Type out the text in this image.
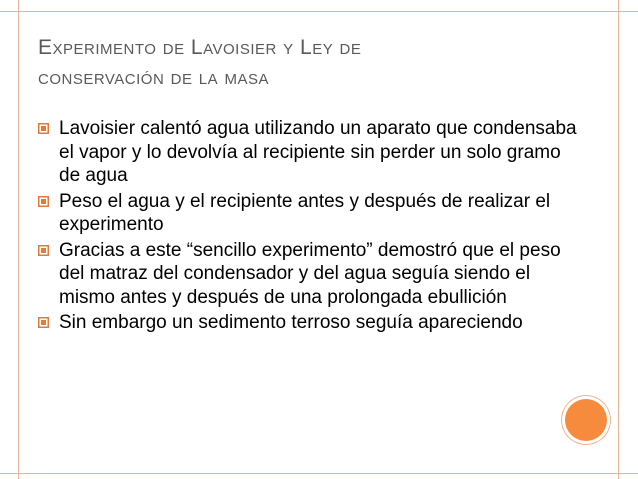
Experimento de Lavoisier y Ley de
conservación de la masa
Lavoisier calentó agua utilizando un aparato que condensaba el vapor y lo devolvía al recipiente sin perder un solo gramo de agua
Peso el agua y el recipiente antes y después de realizar el experimento
Gracias a este “sencillo experimento” demostró que el peso del matraz del condensador y del agua seguía siendo el mismo antes y después de una prolongada ebullición
Sin embargo un sedimento terroso seguía apareciendo
